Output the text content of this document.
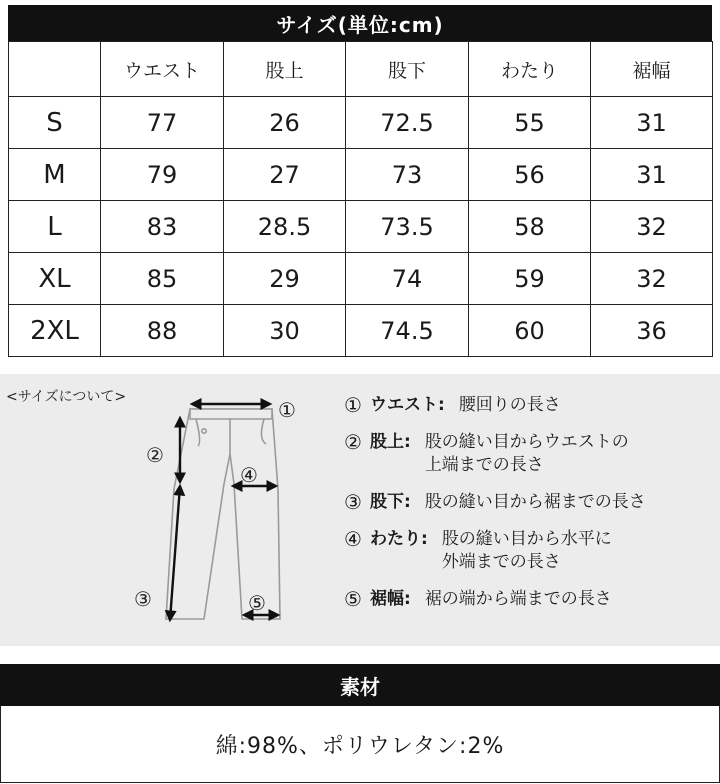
サイズ(単位:cm)
	ウエスト	股上	股下	わたり	裾幅
S	77	26	72.5	55	31
M	79	27	73	56	31
L	83	28.5	73.5	58	32
XL	85	29	74	59	32
2XL	88	30	74.5	60	36
<サイズについて>
①
②
④
③	⑤
① ウエスト: 腰回りの長さ
② 股上: 股の縫い目からウエストの
上端までの長さ
③ 股下: 股の縫い目から裾までの長さ
④ わたり: 股の縫い目から水平に
外端までの長さ
⑤ 裾幅: 裾の端から端までの長さ
素材
綿:98%、ポリウレタン:2%
